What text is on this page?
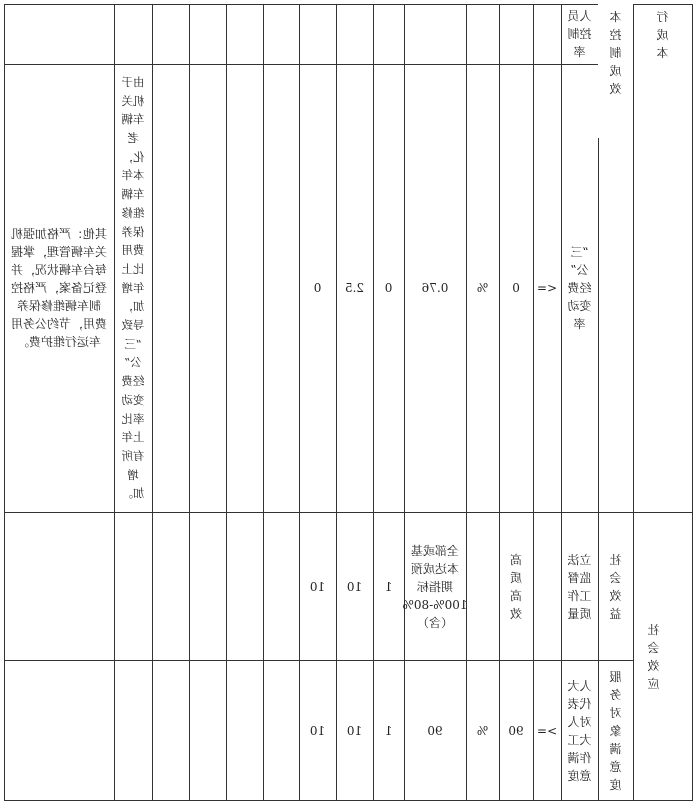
行
成
本
本
控
制
成
效
人员
控制
率
“三
公”
经费
变动
率
<=
0
%
0.76
0
2.5
0
由于
机关
车辆
老
化，
本年
车辆
维修
保养
费用
比上
年增
加，
导致
“三
公”
经费
变动
率比
上年
有所
增
加。
其他：严格加强机
关车辆管理，掌握
每台车辆状况，并
登记备案，严格控
制车辆维修保养
费用，节约公务用
车运行维护费。
社
会
效
应
社
会
效
益
立法
监督
工作
质量
高
质
高
效
全部或基
本达成预
期指标
100%-80%
（含）
1
10
10
服
务
对
象
满
意
度
人大
代表
对人
大工
作满
意度
>=
90
%
90
1
10
10
